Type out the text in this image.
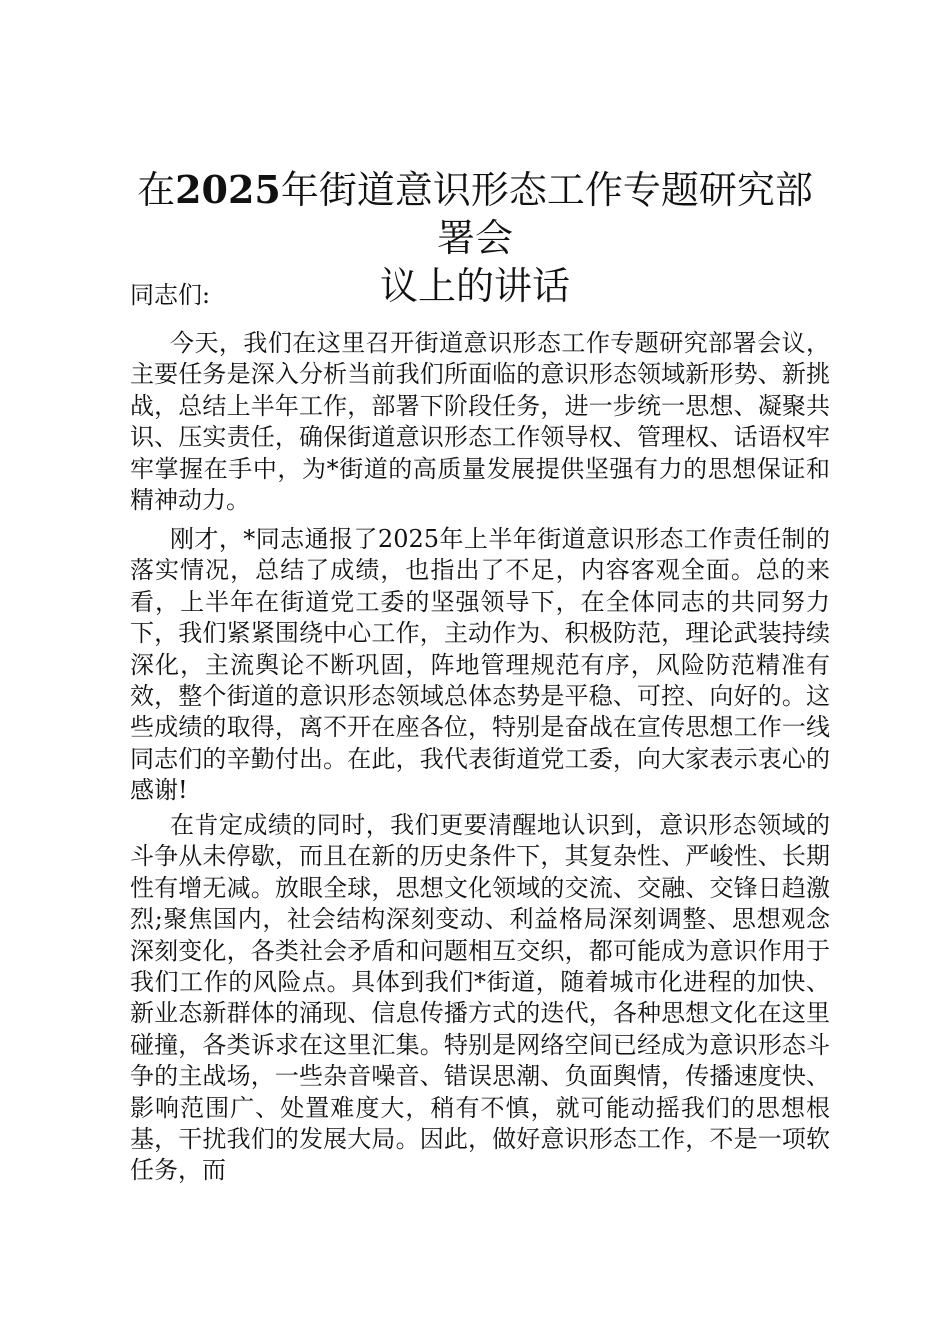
在2025年街道意识形态工作专题研究部署会
议上的讲话
同志们:

今天，我们在这里召开街道意识形态工作专题研究部署会议，主要任务是深入分析当前我们所面临的意识形态领域新形势、新挑战，总结上半年工作，部署下阶段任务，进一步统一思想、凝聚共识、压实责任，确保街道意识形态工作领导权、管理权、话语权牢牢掌握在手中，为*街道的高质量发展提供坚强有力的思想保证和精神动力。

刚才，*同志通报了2025年上半年街道意识形态工作责任制的落实情况，总结了成绩，也指出了不足，内容客观全面。总的来看，上半年在街道党工委的坚强领导下，在全体同志的共同努力下，我们紧紧围绕中心工作，主动作为、积极防范，理论武装持续深化，主流舆论不断巩固，阵地管理规范有序，风险防范精准有效，整个街道的意识形态领域总体态势是平稳、可控、向好的。这些成绩的取得，离不开在座各位，特别是奋战在宣传思想工作一线同志们的辛勤付出。在此，我代表街道党工委，向大家表示衷心的感谢!

在肯定成绩的同时，我们更要清醒地认识到，意识形态领域的斗争从未停歇，而且在新的历史条件下，其复杂性、严峻性、长期性有增无减。放眼全球，思想文化领域的交流、交融、交锋日趋激烈;聚焦国内，社会结构深刻变动、利益格局深刻调整、思想观念深刻变化，各类社会矛盾和问题相互交织，都可能成为意识作用于我们工作的风险点。具体到我们*街道，随着城市化进程的加快、新业态新群体的涌现、信息传播方式的迭代，各种思想文化在这里碰撞，各类诉求在这里汇集。特别是网络空间已经成为意识形态斗争的主战场，一些杂音噪音、错误思潮、负面舆情，传播速度快、影响范围广、处置难度大，稍有不慎，就可能动摇我们的思想根基，干扰我们的发展大局。因此，做好意识形态工作，不是一项软任务，而
